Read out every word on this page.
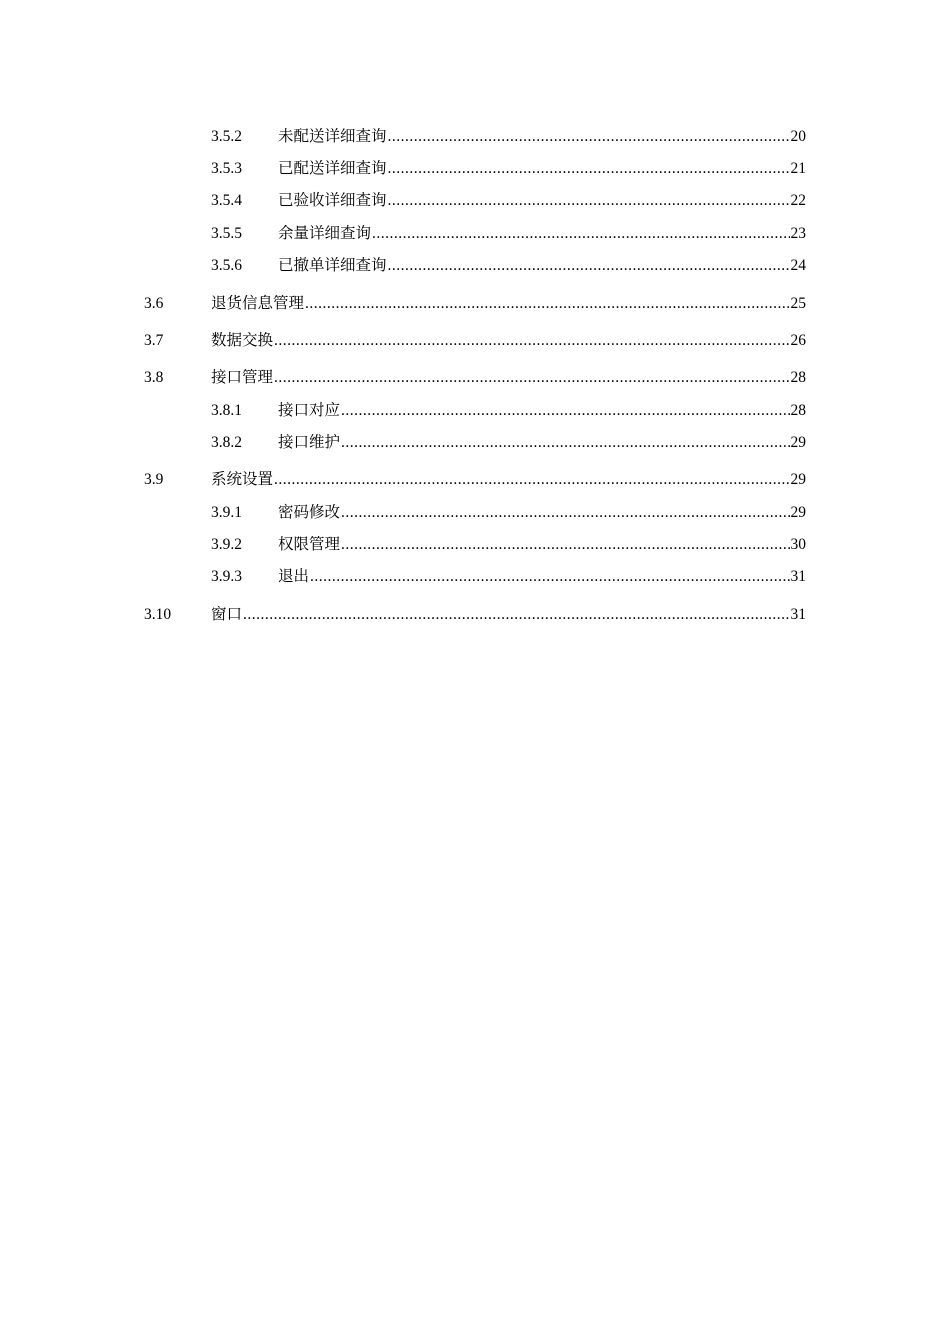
3.5.2	未配送详细查询 .....	20
3.5.3	已配送详细查询 .....	21
3.5.4	已验收详细查询 .....	22
3.5.5	余量详细查询 .....	23
3.5.6	已撤单详细查询 .....	24
3.6	退货信息管理 .....	25
3.7	数据交换 .....	26
3.8	接口管理 .....	28
3.8.1	接口对应 .....	28
3.8.2	接口维护 .....	29
3.9	系统设置 .....	29
3.9.1	密码修改 .....	29
3.9.2	权限管理 .....	30
3.9.3	退出 .....	31
3.10	窗口 .....	31
